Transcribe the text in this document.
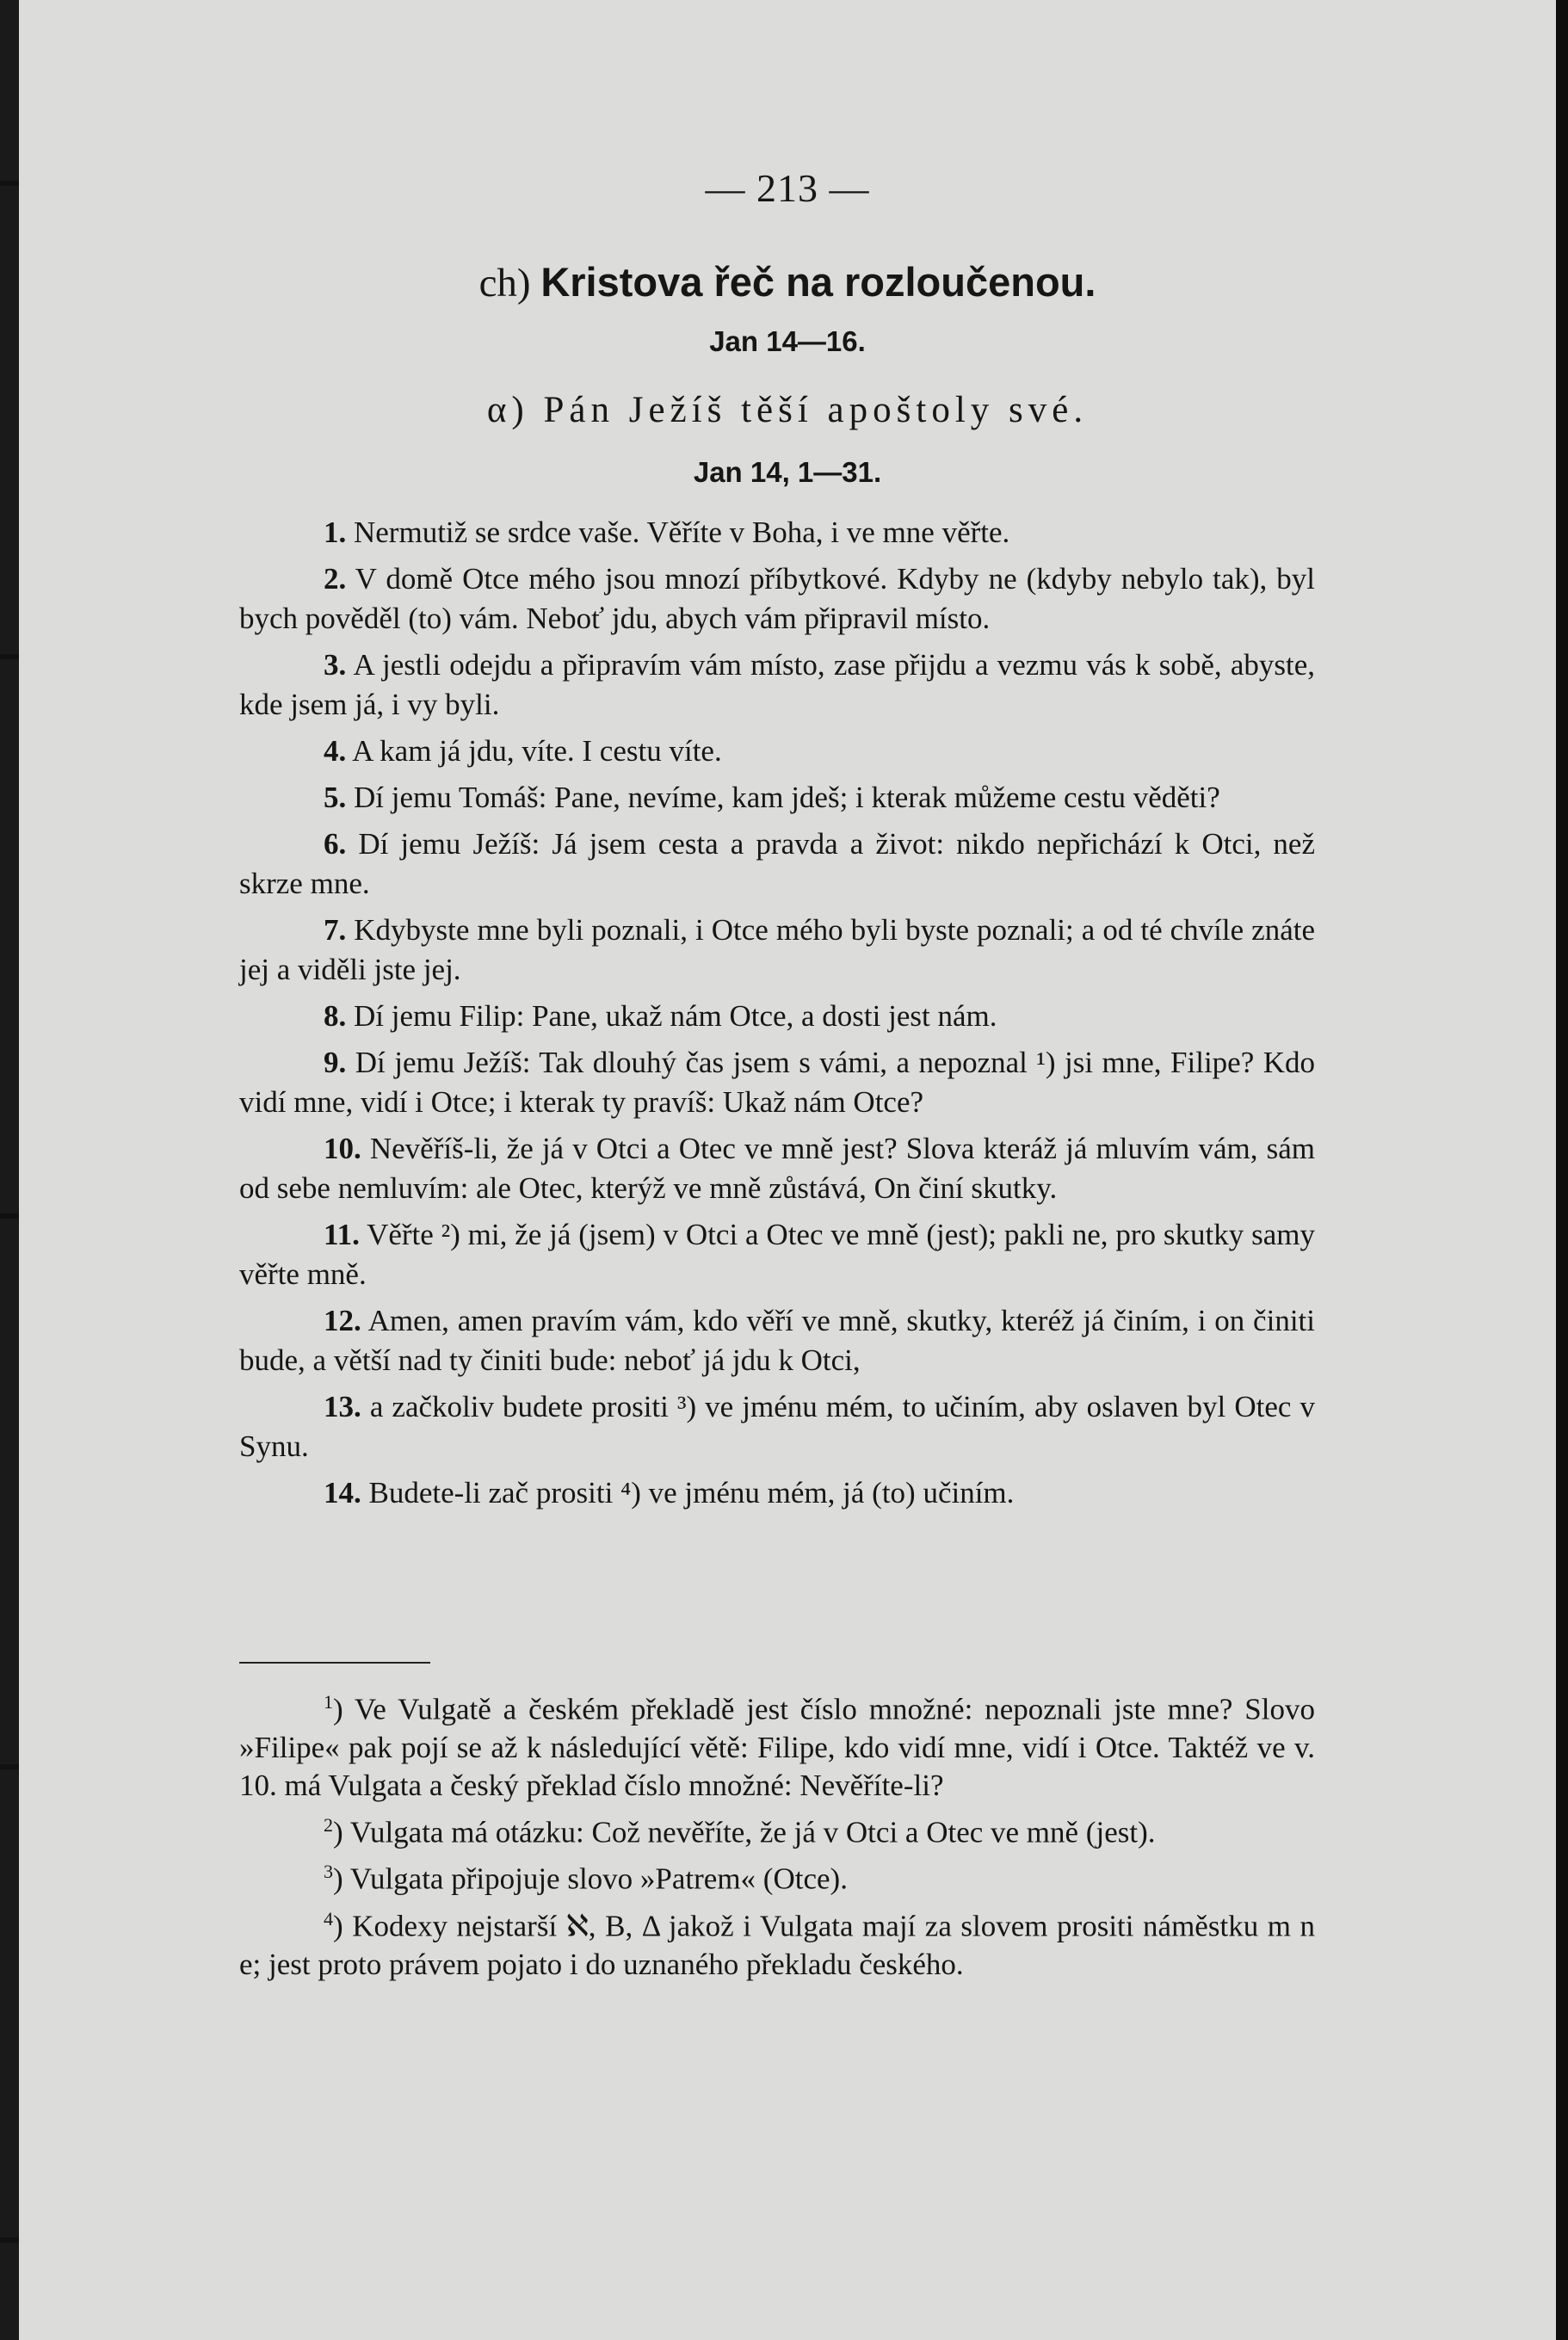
— 213 —
ch) Kristova řeč na rozloučenou.
Jan 14—16.
α) Pán Ježíš těší apoštoly své.
Jan 14, 1—31.

1. Nermutiž se srdce vaše. Věříte v Boha, i ve mne věřte.

2. V domě Otce mého jsou mnozí příbytkové. Kdyby ne (kdyby nebylo tak), byl bych pověděl (to) vám. Neboť jdu, abych vám připravil místo.

3. A jestli odejdu a připravím vám místo, zase přijdu a vezmu vás k sobě, abyste, kde jsem já, i vy byli.

4. A kam já jdu, víte. I cestu víte.

5. Dí jemu Tomáš: Pane, nevíme, kam jdeš; i kterak můžeme cestu věděti?

6. Dí jemu Ježíš: Já jsem cesta a pravda a život: nikdo nepřichází k Otci, než skrze mne.

7. Kdybyste mne byli poznali, i Otce mého byli byste poznali; a od té chvíle znáte jej a viděli jste jej.

8. Dí jemu Filip: Pane, ukaž nám Otce, a dosti jest nám.

9. Dí jemu Ježíš: Tak dlouhý čas jsem s vámi, a nepoznal ¹) jsi mne, Filipe? Kdo vidí mne, vidí i Otce; i kterak ty pravíš: Ukaž nám Otce?

10. Nevěříš-li, že já v Otci a Otec ve mně jest? Slova kteráž já mluvím vám, sám od sebe nemluvím: ale Otec, kterýž ve mně zůstává, On činí skutky.

11. Věřte ²) mi, že já (jsem) v Otci a Otec ve mně (jest); pakli ne, pro skutky samy věřte mně.

12. Amen, amen pravím vám, kdo věří ve mně, skutky, kteréž já činím, i on činiti bude, a větší nad ty činiti bude: neboť já jdu k Otci,

13. a začkoliv budete prositi ³) ve jménu mém, to učiním, aby oslaven byl Otec v Synu.

14. Budete-li zač prositi ⁴) ve jménu mém, já (to) učiním.

$^1$) Ve Vulgatě a českém překladě jest číslo množné: nepoznali jste mne? Slovo »Filipe« pak pojí se až k následující větě: Filipe, kdo vidí mne, vidí i Otce. Taktéž ve v. 10. má Vulgata a český překlad číslo množné: Nevěříte-li?

$^2$) Vulgata má otázku: Což nevěříte, že já v Otci a Otec ve mně (jest).

$^3$) Vulgata připojuje slovo »Patrem« (Otce).

$^4$) Kodexy nejstarší ℵ, B, Δ jakož i Vulgata mají za slovem prositi náměstku m n e; jest proto právem pojato i do uznaného překladu českého.
